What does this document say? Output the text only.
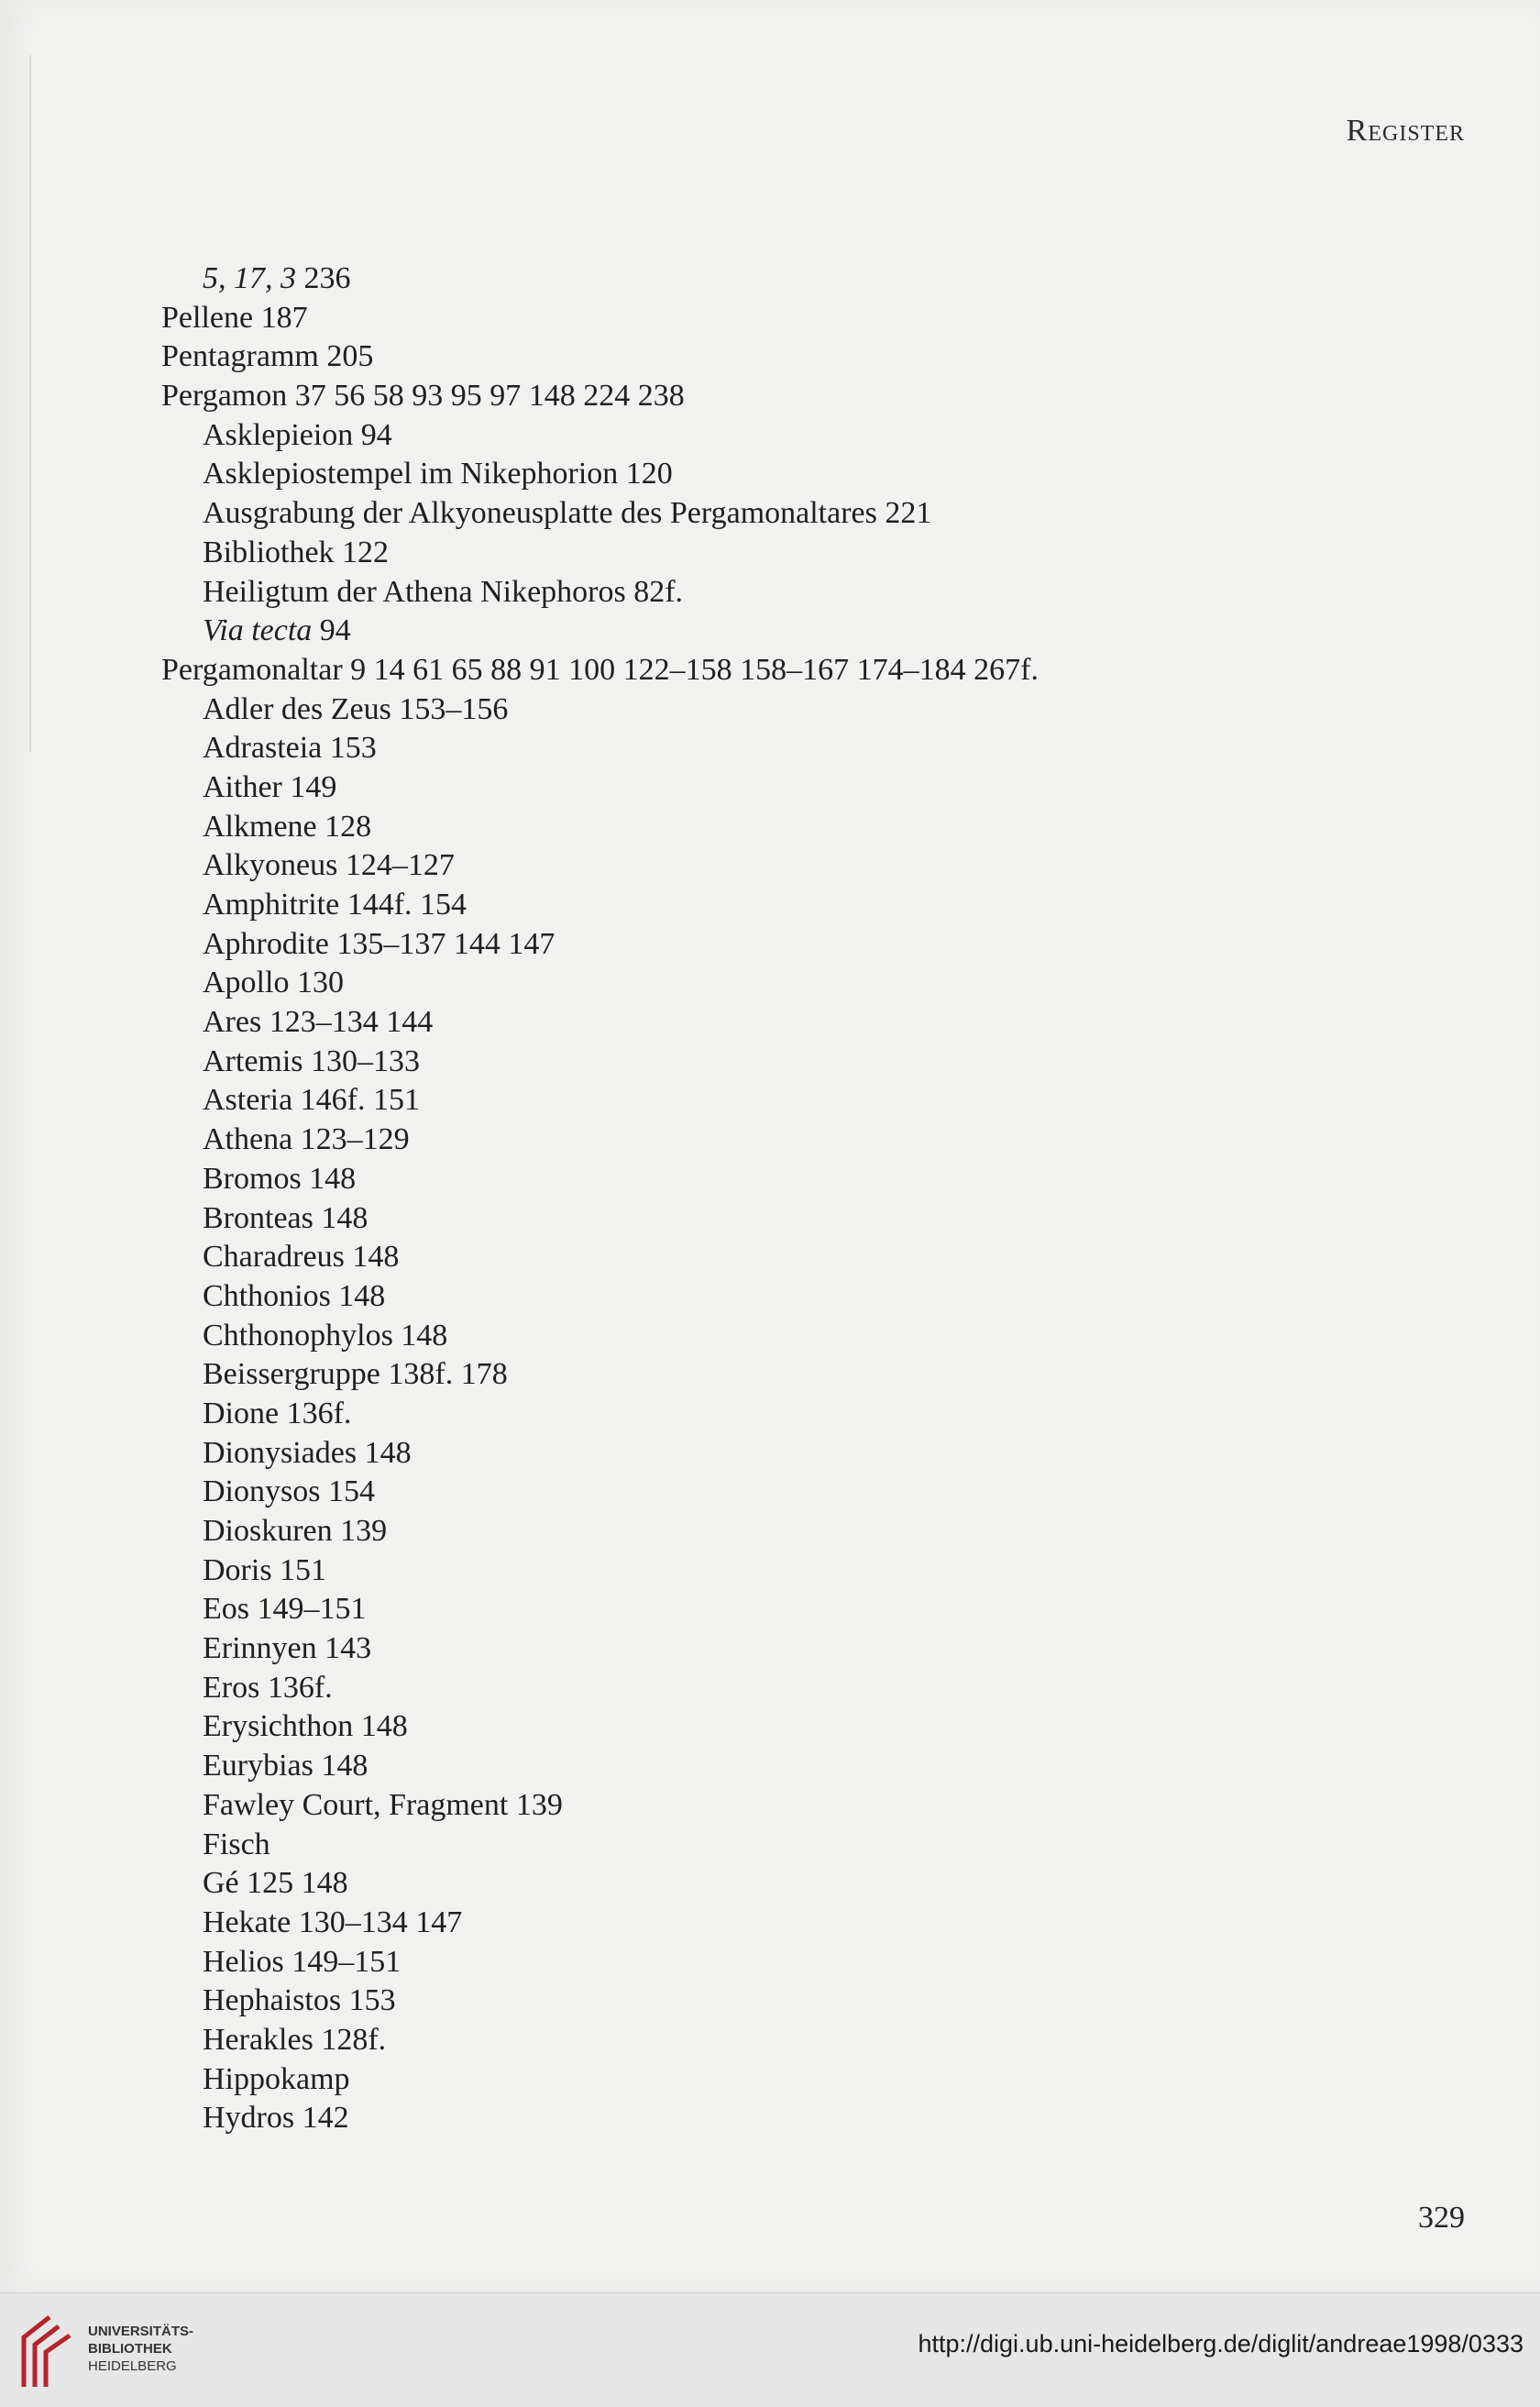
Register
5, 17, 3 236
Pellene 187
Pentagramm 205
Pergamon 37 56 58 93 95 97 148 224 238
Asklepieion 94
Asklepiostempel im Nikephorion 120
Ausgrabung der Alkyoneusplatte des Pergamonaltares 221
Bibliothek 122
Heiligtum der Athena Nikephoros 82f.
Via tecta 94
Pergamonaltar 9 14 61 65 88 91 100 122–158 158–167 174–184 267f.
Adler des Zeus 153–156
Adrasteia 153
Aither 149
Alkmene 128
Alkyoneus 124–127
Amphitrite 144f. 154
Aphrodite 135–137 144 147
Apollo 130
Ares 123–134 144
Artemis 130–133
Asteria 146f. 151
Athena 123–129
Bromos 148
Bronteas 148
Charadreus 148
Chthonios 148
Chthonophylos 148
Beissergruppe 138f. 178
Dione 136f.
Dionysiades 148
Dionysos 154
Dioskuren 139
Doris 151
Eos 149–151
Erinnyen 143
Eros 136f.
Erysichthon 148
Eurybias 148
Fawley Court, Fragment 139
Fisch
Gé 125 148
Hekate 130–134 147
Helios 149–151
Hephaistos 153
Herakles 128f.
Hippokamp
Hydros 142
329
UNIVERSITÄTS-
BIBLIOTHEK
HEIDELBERG
http://digi.ub.uni-heidelberg.de/diglit/andreae1998/0333
